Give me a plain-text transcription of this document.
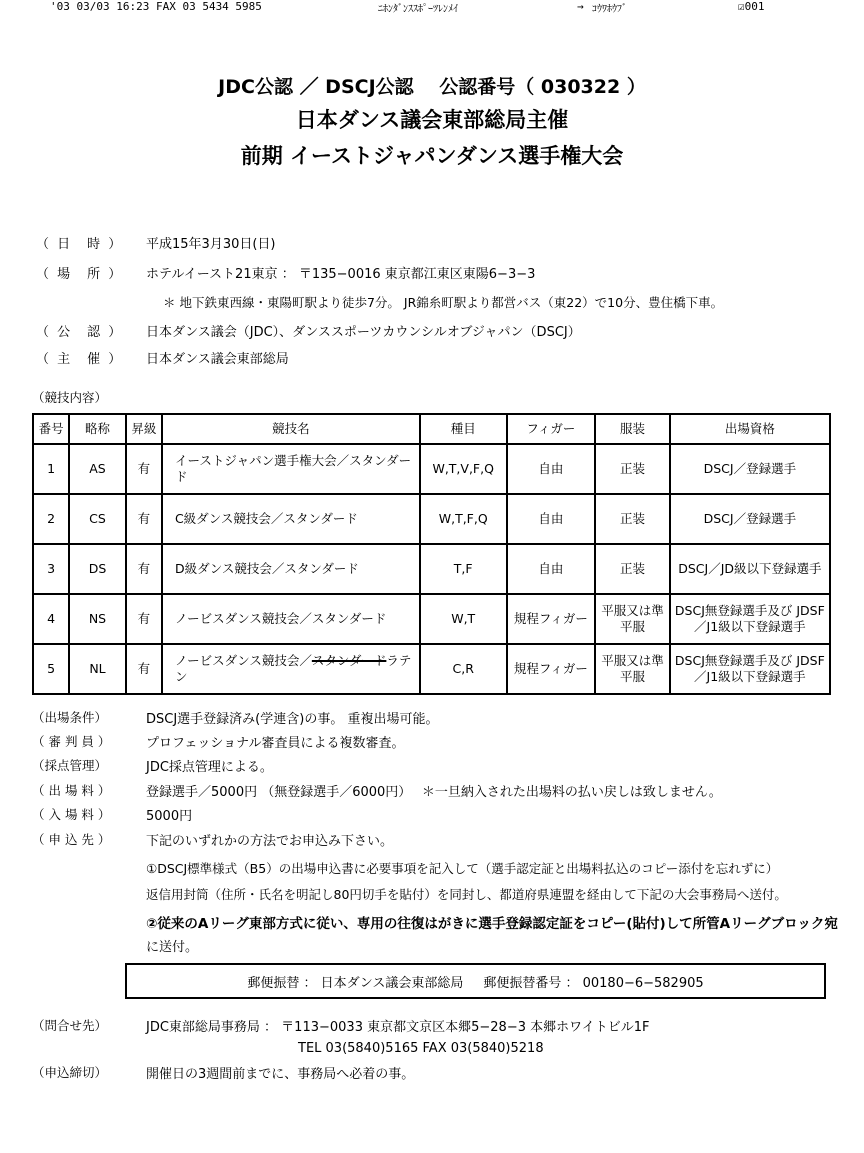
'03 03/03 16:23 FAX 03 5434 5985	ﾆﾎﾝﾀﾞﾝｽｽﾎﾟｰﾂﾚﾝﾒｲ	→ ｺｳﾜﾎｳﾌﾞ	☑001
JDC公認 ／ DSCJ公認　 公認番号（ 030322 ）
日本ダンス議会東部総局主催
前期 イーストジャパンダンス選手権大会
（ 日　時 ） 平成15年3月30日(日)
（ 場　所 ） ホテルイースト21東京 ： 〒135−0016 東京都江東区東陽6−3−3
＊ 地下鉄東西線・東陽町駅より徒歩7分。 JR錦糸町駅より都営バス（東22）で10分、豊住橋下車。
（ 公　認 ） 日本ダンス議会（JDC）、ダンススポーツカウンシルオブジャパン（DSCJ）
（ 主　催 ） 日本ダンス議会東部総局
（競技内容）
番号	略称	昇級	競技名	種目	フィガー	服装	出場資格
1	AS	有	イーストジャパン選手権大会／スタンダード	W,T,V,F,Q	自由	正装	DSCJ／登録選手
2	CS	有	C級ダンス競技会／スタンダード	W,T,F,Q	自由	正装	DSCJ／登録選手
3	DS	有	D級ダンス競技会／スタンダード	T,F	自由	正装	DSCJ／JD級以下登録選手
4	NS	有	ノービスダンス競技会／スタンダード	W,T	規程フィガー	平服又は準平服	DSCJ無登録選手及び JDSF／J1級以下登録選手
5	NL	有	ノービスダンス競技会／スタンダードラテン	C,R	規程フィガー	平服又は準平服	DSCJ無登録選手及び JDSF／J1級以下登録選手
（出場条件）	DSCJ選手登録済み(学連含)の事。 重複出場可能。
（ 審 判 員 ）	プロフェッショナル審査員による複数審査。
（採点管理）	JDC採点管理による。
（ 出 場 料 ）	登録選手／5000円 （無登録選手／6000円）　 ＊一旦納入された出場料の払い戻しは致しません。
（ 入 場 料 ）	5000円
（ 申 込 先 ）	下記のいずれかの方法でお申込み下さい。
①DSCJ標準様式（B5）の出場申込書に必要事項を記入して（選手認定証と出場料払込のコピー添付を忘れずに）
返信用封筒（住所・氏名を明記し80円切手を貼付）を同封し、都道府県連盟を経由して下記の大会事務局へ送付。
②従来のAリーグ東部方式に従い、専用の往復はがきに選手登録認定証をコピー(貼付)して所管Aリーグブロック宛
に送付。
郵便振替 ： 日本ダンス議会東部総局 郵便振替番号 ： 00180−6−582905
（問合せ先）	JDC東部総局事務局 ： 〒113−0033 東京都文京区本郷5−28−3 本郷ホワイトビル1F
TEL 03(5840)5165 FAX 03(5840)5218
（申込締切）	開催日の3週間前までに、事務局へ必着の事。
